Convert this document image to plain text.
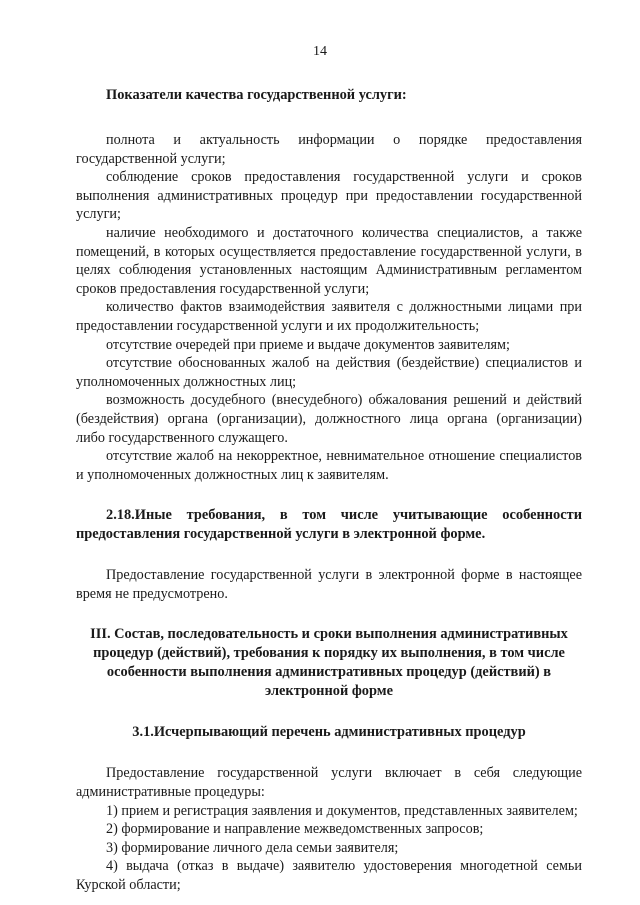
14
Показатели качества государственной услуги:

полнота и актуальность информации о порядке предоставления государственной услуги;

соблюдение сроков предоставления государственной услуги и сроков выполнения административных процедур при предоставлении государственной услуги;

наличие необходимого и достаточного количества специалистов, а также помещений, в которых осуществляется предоставление государственной услуги, в целях соблюдения установленных настоящим Административным регламентом сроков предоставления государственной услуги;

количество фактов взаимодействия заявителя с должностными лицами при предоставлении государственной услуги и их продолжительность;

отсутствие очередей при приеме и выдаче документов заявителям;

отсутствие обоснованных жалоб на действия (бездействие) специалистов и уполномоченных должностных лиц;

возможность досудебного (внесудебного) обжалования решений и действий (бездействия) органа (организации), должностного лица органа (организации) либо государственного служащего.

отсутствие жалоб на некорректное, невнимательное отношение специалистов и уполномоченных должностных лиц к заявителям.

2.18.Иные требования, в том числе учитывающие особенности предоставления государственной услуги в электронной форме.

Предоставление государственной услуги в электронной форме в настоящее время не предусмотрено.

III. Состав, последовательность и сроки выполнения административных процедур (действий), требования к порядку их выполнения, в том числе особенности выполнения административных процедур (действий) в электронной форме
3.1.Исчерпывающий перечень административных процедур

Предоставление государственной услуги включает в себя следующие административные процедуры:

1) прием и регистрация заявления и документов, представленных заявителем;

2) формирование и направление межведомственных запросов;

3) формирование личного дела семьи заявителя;

4) выдача (отказ в выдаче) заявителю удостоверения многодетной семьи Курской области;
